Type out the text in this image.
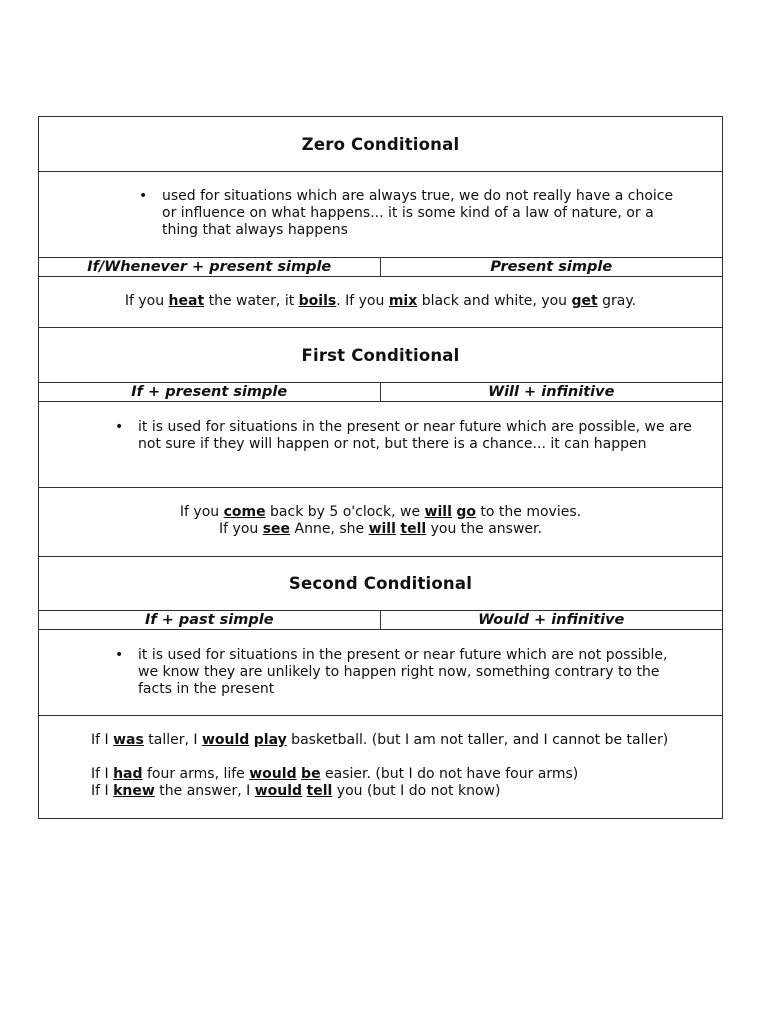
Zero Conditional
• used for situations which are always true, we do not really have a choice or influence on what happens... it is some kind of a law of nature, or a thing that always happens
If/Whenever + present simple	Present simple
If you heat the water, it boils. If you mix black and white, you get gray.
First Conditional
If + present simple	Will + infinitive
• it is used for situations in the present or near future which are possible, we are not sure if they will happen or not, but there is a chance... it can happen
If you come back by 5 o'clock, we will go to the movies.
If you see Anne, she will tell you the answer.
Second Conditional
If + past simple	Would + infinitive
• it is used for situations in the present or near future which are not possible, we know they are unlikely to happen right now, something contrary to the facts in the present
If I was taller, I would play basketball. (but I am not taller, and I cannot be taller)
If I had four arms, life would be easier. (but I do not have four arms)
If I knew the answer, I would tell you (but I do not know)
